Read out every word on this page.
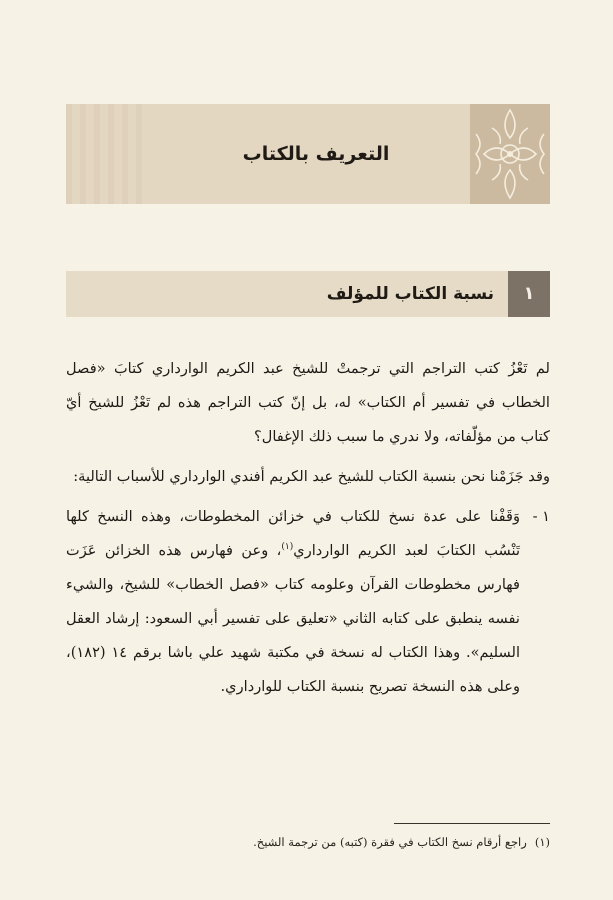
التعريف بالكتاب
١
نسبة الكتاب للمؤلف

لم تَعْزُ كتب التراجم التي ترجمتْ للشيخ عبد الكريم الوارداري كتابَ «فصل الخطاب في تفسير أم الكتاب» له، بل إنّ كتب التراجم هذه لم تَعْزُ للشيخ أيّ كتاب من مؤلّفاته، ولا ندري ما سبب ذلك الإغفال؟

وقد جَزَمْنا نحن بنسبة الكتاب للشيخ عبد الكريم أفندي الوارداري للأسباب التالية:

١ -
وَقَفْنا على عدة نسخ للكتاب في خزائن المخطوطات، وهذه النسخ كلها تَنْسُب الكتابَ لعبد الكريم الوارداري$^{(١)}$، وعن فهارس هذه الخزائن عَزَت فهارس مخطوطات القرآن وعلومه كتاب «فصل الخطاب» للشيخ، والشيء نفسه ينطبق على كتابه الثاني «تعليق على تفسير أبي السعود: إرشاد العقل السليم». وهذا الكتاب له نسخة في مكتبة شهيد علي باشا برقم ١٤ (١٨٢)، وعلى هذه النسخة تصريح بنسبة الكتاب للوارداري.
(١)راجع أرقام نسخ الكتاب في فقرة (كتبه) من ترجمة الشيخ.
